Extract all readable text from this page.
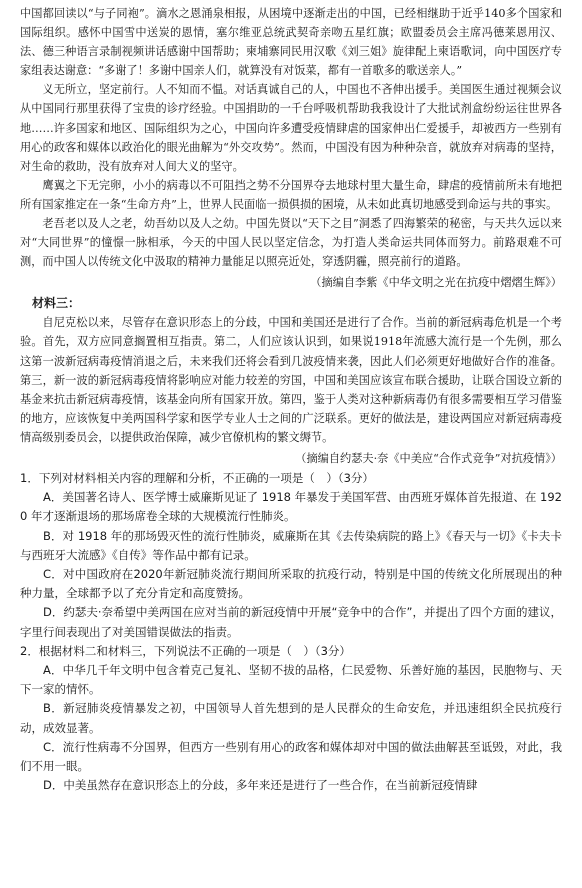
中国都回读以“与子同袍”。滴水之恩涌泉相报，从困境中逐渐走出的中国，已经相继助于近乎140多个国家和国际组织。感怀中国雪中送炭的恩情，塞尔维亚总统武契奇亲吻五星红旗；欧盟委员会主席冯德莱恩用汉、法、德三种语言录制视频讲话感谢中国帮助；柬埔寨同民用汉歌《刘三姐》旋律配上柬语歌词，向中国医疗专家组表达谢意：“多谢了！多谢中国亲人们，就算没有对饭菜，都有一首歌多的歌送亲人。”

义无所立，坚定前行。人不知而不愠。对话真诚自己的人，中国也不吝伸出援手。美国医生通过视频会议从中国同行那里获得了宝贵的诊疗经验。中国捐助的一千台呼吸机帮助我我设计了大批试剂盒纷纷运往世界各地……许多国家和地区、国际组织为之心，中国向许多遭受疫情肆虐的国家伸出仁爱援手，却被西方一些别有用心的政客和媒体以政治化的眼光曲解为“外交攻势”。然而，中国没有因为种种杂音，就放弃对病毒的坚持，对生命的救助，没有放弃对人间大义的坚守。

鹰翼之下无完卵，小小的病毒以不可阻挡之势不分国界夺去地球村里大量生命，肆虐的疫情前所未有地把所有国家推定在一条“生命方舟”上，世界人民面临一损俱损的困境，从未如此真切地感受到命运与共的事实。

老吾老以及人之老，幼吾幼以及人之幼。中国先贤以“天下之目”洞悉了四海繁荣的秘密，与天共久远以来对“大同世界”的憧憬一脉相承，今天的中国人民以坚定信念，为打造人类命运共同体而努力。前路艰难不可测，而中国人以传统文化中汲取的精神力量能足以照亮近处，穿透阴霾，照亮前行的道路。

（摘编自李紫《中华文明之光在抗疫中熠熠生辉》）

材料三：

自尼克松以来，尽管存在意识形态上的分歧，中国和美国还是进行了合作。当前的新冠病毒危机是一个考验。首先，双方应同意搁置相互指责。第二，人们应该认识到，如果说1918年流感大流行是一个先例，那么这第一波新冠病毒疫情消退之后，未来我们还将会看到几波疫情来袭，因此人们必须更好地做好合作的准备。第三，新一波的新冠病毒疫情将影响应对能力较差的穷国，中国和美国应该宣布联合援助，让联合国设立新的基金来抗击新冠病毒疫情，该基金向所有国家开放。第四，鉴于人类对这种新病毒仍有很多需要相互学习借鉴的地方，应该恢复中美两国科学家和医学专业人士之间的广泛联系。更好的做法是，建设两国应对新冠病毒疫情高级别委员会，以提供政治保障，减少官僚机构的繁文缛节。

（摘编自约瑟夫·奈《中美应“合作式竞争”对抗疫情》）

1．下列对材料相关内容的理解和分析，不正确的一项是（　）（3分）

A．美国著名诗人、医学博士威廉斯见证了 1918 年暴发于美国军营、由西班牙媒体首先报道、在 1920 年才逐渐退场的那场席卷全球的大规模流行性肺炎。

B．对 1918 年的那场毁灭性的流行性肺炎，威廉斯在其《去传染病院的路上》《春天与一切》《卡夫卡与西班牙大流感》《自传》等作品中都有记录。

C．对中国政府在2020年新冠肺炎流行期间所采取的抗疫行动，特别是中国的传统文化所展现出的种种力量，全球都予以了充分肯定和高度赞扬。

D．约瑟夫·奈希望中美两国在应对当前的新冠疫情中开展“竞争中的合作”，并提出了四个方面的建议，字里行间表现出了对美国错误做法的指责。

2．根据材料二和材料三，下列说法不正确的一项是（　）（3分）

A．中华几千年文明中包含着克己复礼、坚韧不拔的品格，仁民爱物、乐善好施的基因，民胞物与、天下一家的情怀。

B．新冠肺炎疫情暴发之初，中国领导人首先想到的是人民群众的生命安危，并迅速组织全民抗疫行动，成效显著。

C．流行性病毒不分国界，但西方一些别有用心的政客和媒体却对中国的做法曲解甚至诋毁，对此，我们不用一眼。

D．中美虽然存在意识形态上的分歧，多年来还是进行了一些合作，在当前新冠疫情肆
